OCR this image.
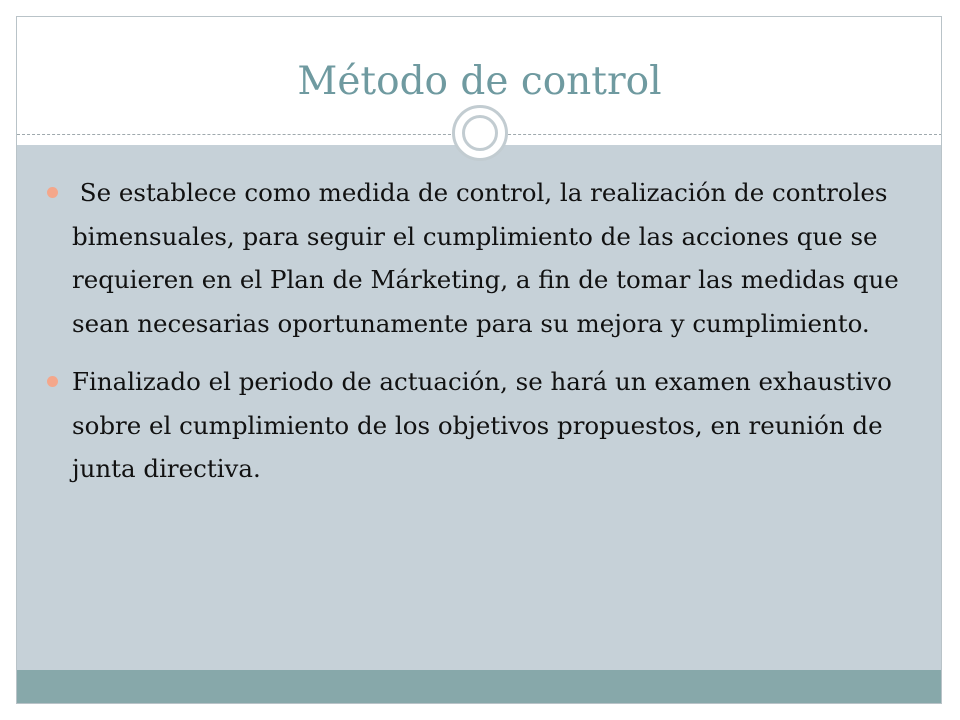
Método de control
Se establece como medida de control, la realización de controles bimensuales, para seguir el cumplimiento de las acciones que se requieren en el Plan de Márketing, a fin de tomar las medidas que sean necesarias oportunamente para su mejora y cumplimiento.
Finalizado el periodo de actuación, se hará un examen exhaustivo sobre el cumplimiento de los objetivos propuestos, en reunión de junta directiva.
